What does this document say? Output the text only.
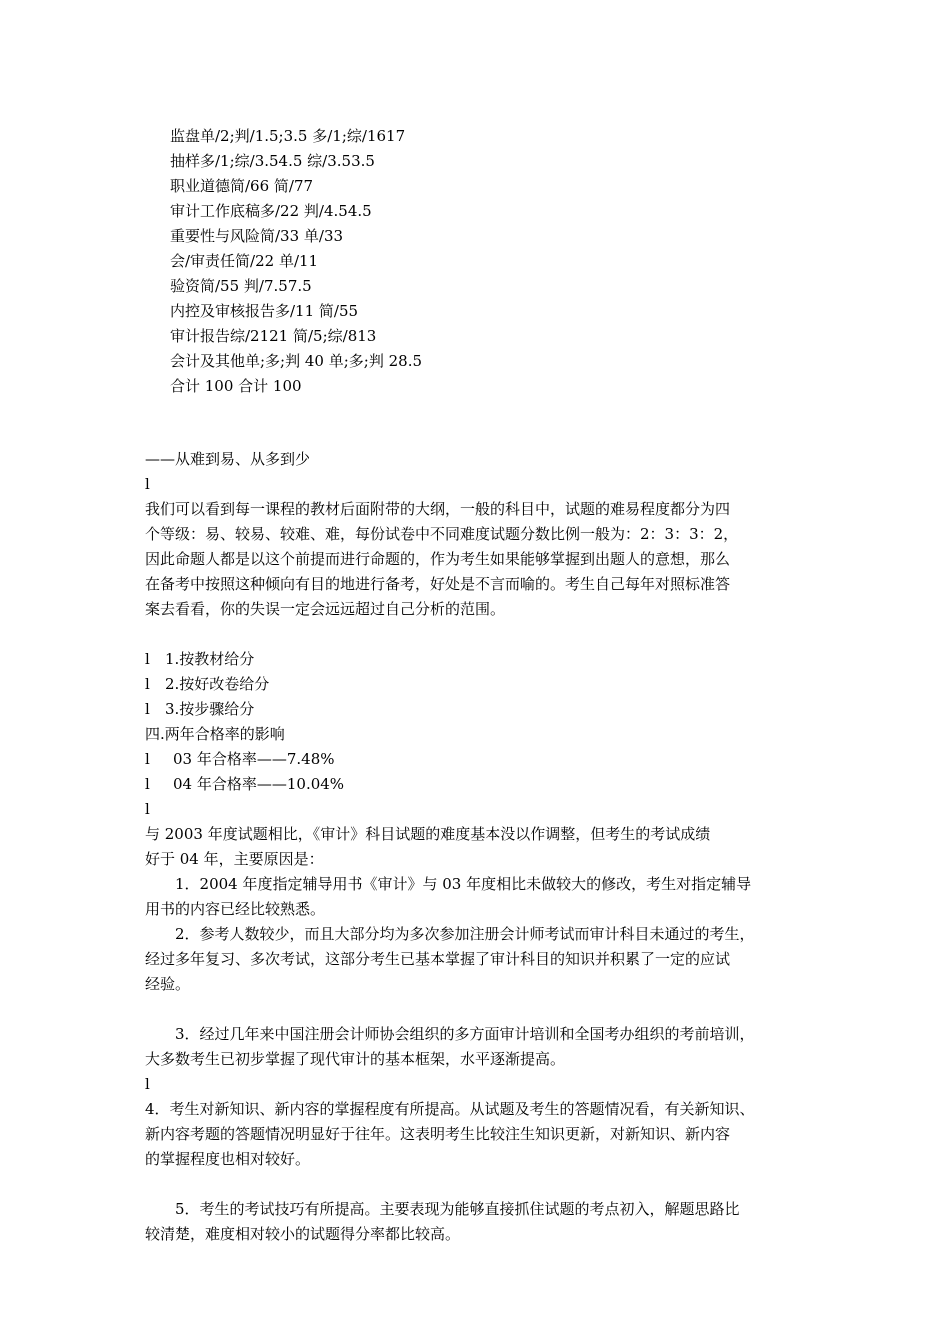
监盘单/2;判/1.5;3.5 多/1;综/1617
抽样多/1;综/3.54.5 综/3.53.5
职业道德简/66 简/77
审计工作底稿多/22 判/4.54.5
重要性与风险简/33 单/33
会/审责任简/22 单/11
验资简/55 判/7.57.5
内控及审核报告多/11 简/55
审计报告综/2121 简/5;综/813
会计及其他单;多;判 40 单;多;判 28.5
合计 100 合计 100
——从难到易、从多到少
l
我们可以看到每一课程的教材后面附带的大纲，一般的科目中，试题的难易程度都分为四
个等级：易、较易、较难、难，每份试卷中不同难度试题分数比例一般为：2：3：3：2，
因此命题人都是以这个前提而进行命题的，作为考生如果能够掌握到出题人的意想，那么
在备考中按照这种倾向有目的地进行备考，好处是不言而喻的。考生自己每年对照标准答
案去看看，你的失误一定会远远超过自己分析的范围。
l 1.按教材给分
l 2.按好改卷给分
l 3.按步骤给分
四.两年合格率的影响
l 03 年合格率——7.48%
l 04 年合格率——10.04%
l
与 2003 年度试题相比，《审计》科目试题的难度基本没以作调整，但考生的考试成绩
好于 04 年，主要原因是：
1．2004 年度指定辅导用书《审计》与 03 年度相比未做较大的修改，考生对指定辅导
用书的内容已经比较熟悉。
2．参考人数较少，而且大部分均为多次参加注册会计师考试而审计科目未通过的考生，
经过多年复习、多次考试，这部分考生已基本掌握了审计科目的知识并积累了一定的应试
经验。
3．经过几年来中国注册会计师协会组织的多方面审计培训和全国考办组织的考前培训，
大多数考生已初步掌握了现代审计的基本框架，水平逐渐提高。
l
4．考生对新知识、新内容的掌握程度有所提高。从试题及考生的答题情况看，有关新知识、
新内容考题的答题情况明显好于往年。这表明考生比较注生知识更新，对新知识、新内容
的掌握程度也相对较好。
5．考生的考试技巧有所提高。主要表现为能够直接抓住试题的考点初入，解题思路比
较清楚，难度相对较小的试题得分率都比较高。
